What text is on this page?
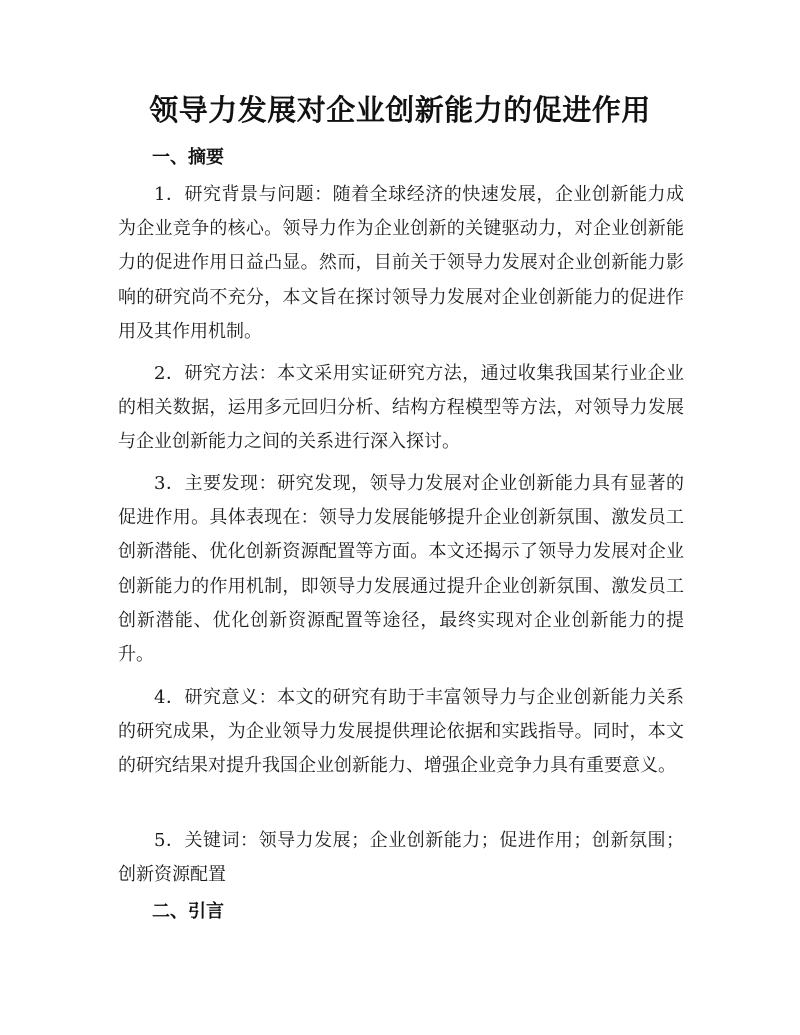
领导力发展对企业创新能力的促进作用
一、摘要

1．研究背景与问题：随着全球经济的快速发展，企业创新能力成为企业竞争的核心。领导力作为企业创新的关键驱动力，对企业创新能力的促进作用日益凸显。然而，目前关于领导力发展对企业创新能力影响的研究尚不充分，本文旨在探讨领导力发展对企业创新能力的促进作用及其作用机制。

2．研究方法：本文采用实证研究方法，通过收集我国某行业企业的相关数据，运用多元回归分析、结构方程模型等方法，对领导力发展与企业创新能力之间的关系进行深入探讨。

3．主要发现：研究发现，领导力发展对企业创新能力具有显著的促进作用。具体表现在：领导力发展能够提升企业创新氛围、激发员工创新潜能、优化创新资源配置等方面。本文还揭示了领导力发展对企业创新能力的作用机制，即领导力发展通过提升企业创新氛围、激发员工创新潜能、优化创新资源配置等途径，最终实现对企业创新能力的提升。

4．研究意义：本文的研究有助于丰富领导力与企业创新能力关系的研究成果，为企业领导力发展提供理论依据和实践指导。同时，本文的研究结果对提升我国企业创新能力、增强企业竞争力具有重要意义。

5．关键词：领导力发展；企业创新能力；促进作用；创新氛围；创新资源配置

二、引言
